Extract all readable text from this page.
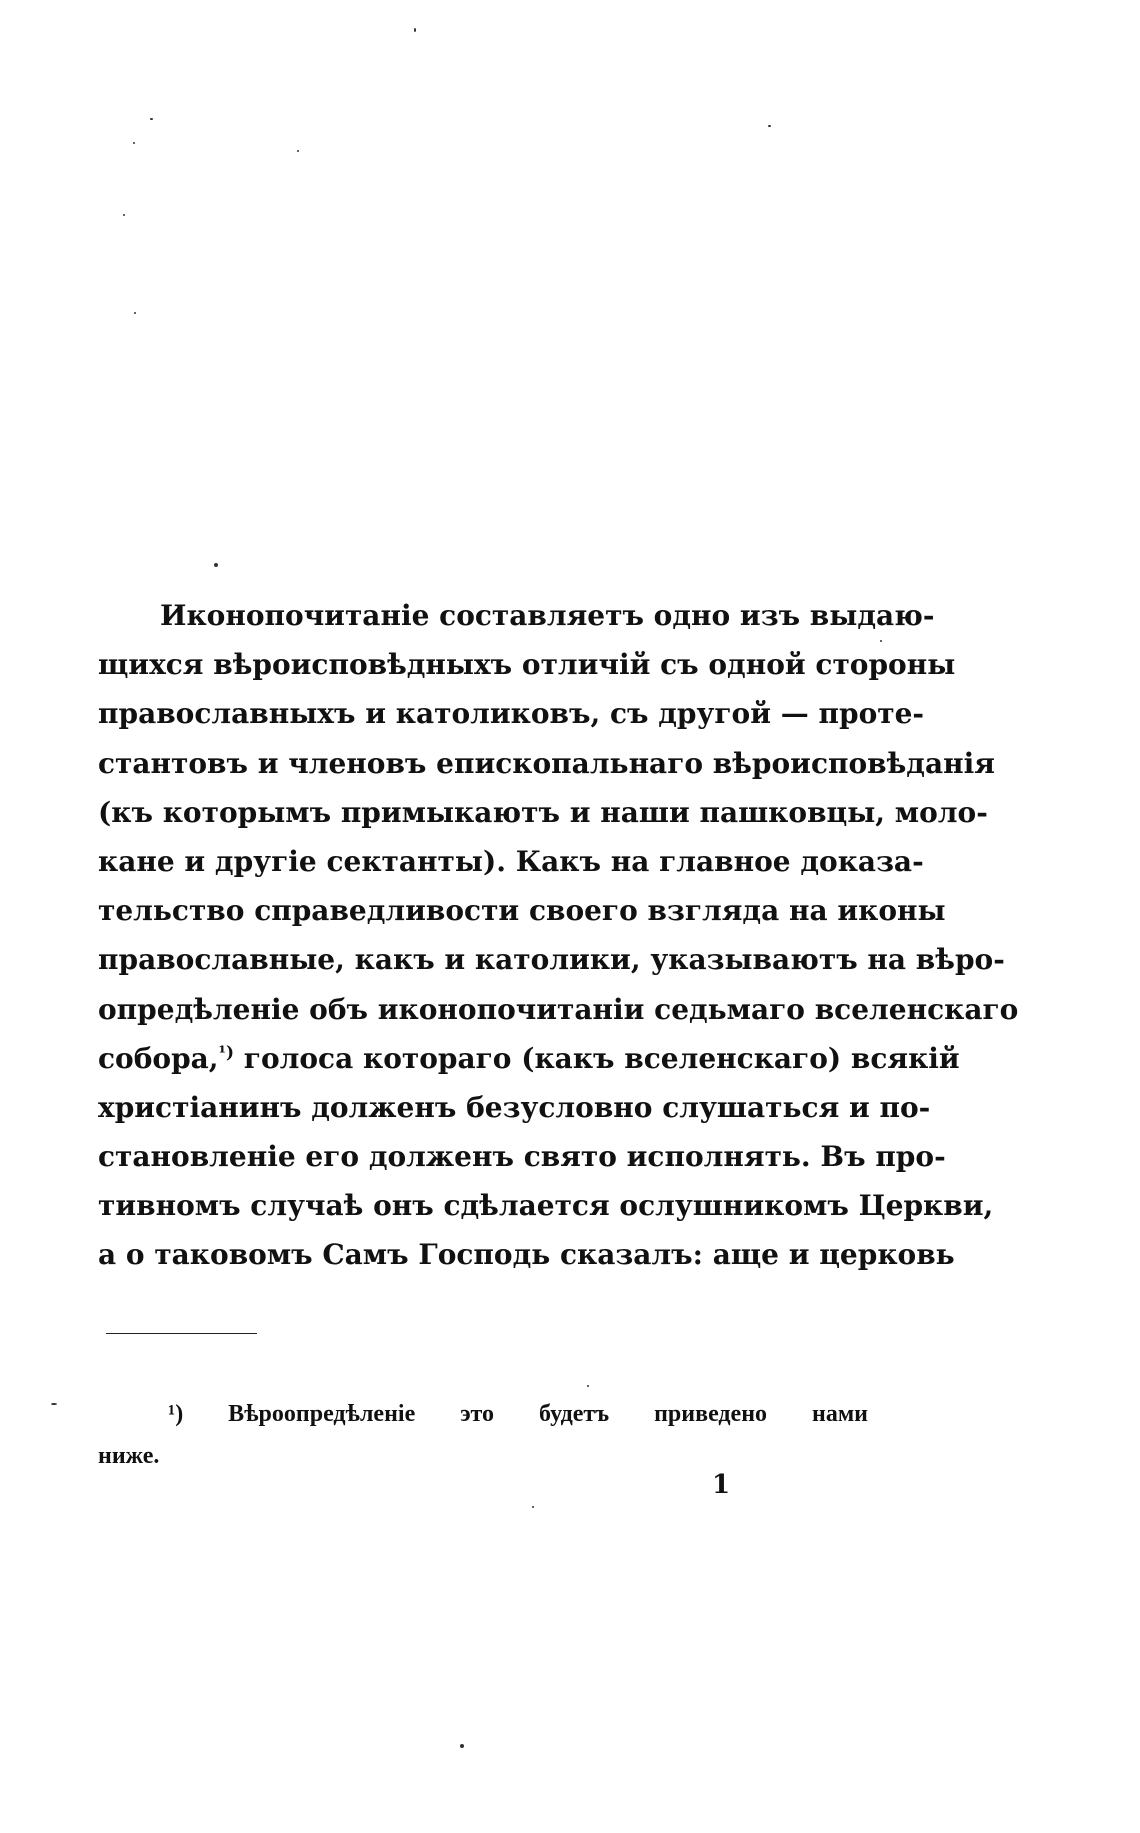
Иконопочитаніе составляетъ одно изъ выдаю-
щихся вѣроисповѣдныхъ отличій съ одной стороны
православныхъ и католиковъ, съ другой — проте-
стантовъ и членовъ епископальнаго вѣроисповѣданія
(къ которымъ примыкаютъ и наши пашковцы, моло-
кане и другіе сектанты). Какъ на главное доказа-
тельство справедливости своего взгляда на иконы
православные, какъ и католики, указываютъ на вѣро-
опредѣленіе объ иконопочитаніи седьмаго вселенскаго
собора,$^{^1)}$ голоса котораго (какъ вселенскаго) всякій
христіанинъ долженъ безусловно слушаться и по-
становленіе его долженъ свято исполнять. Въ про-
тивномъ случаѣ онъ сдѣлается ослушникомъ Церкви,
а о таковомъ Самъ Господь сказалъ: аще и церковь
¹) Вѣроопредѣленіе это будетъ приведено нами
ниже.
1
